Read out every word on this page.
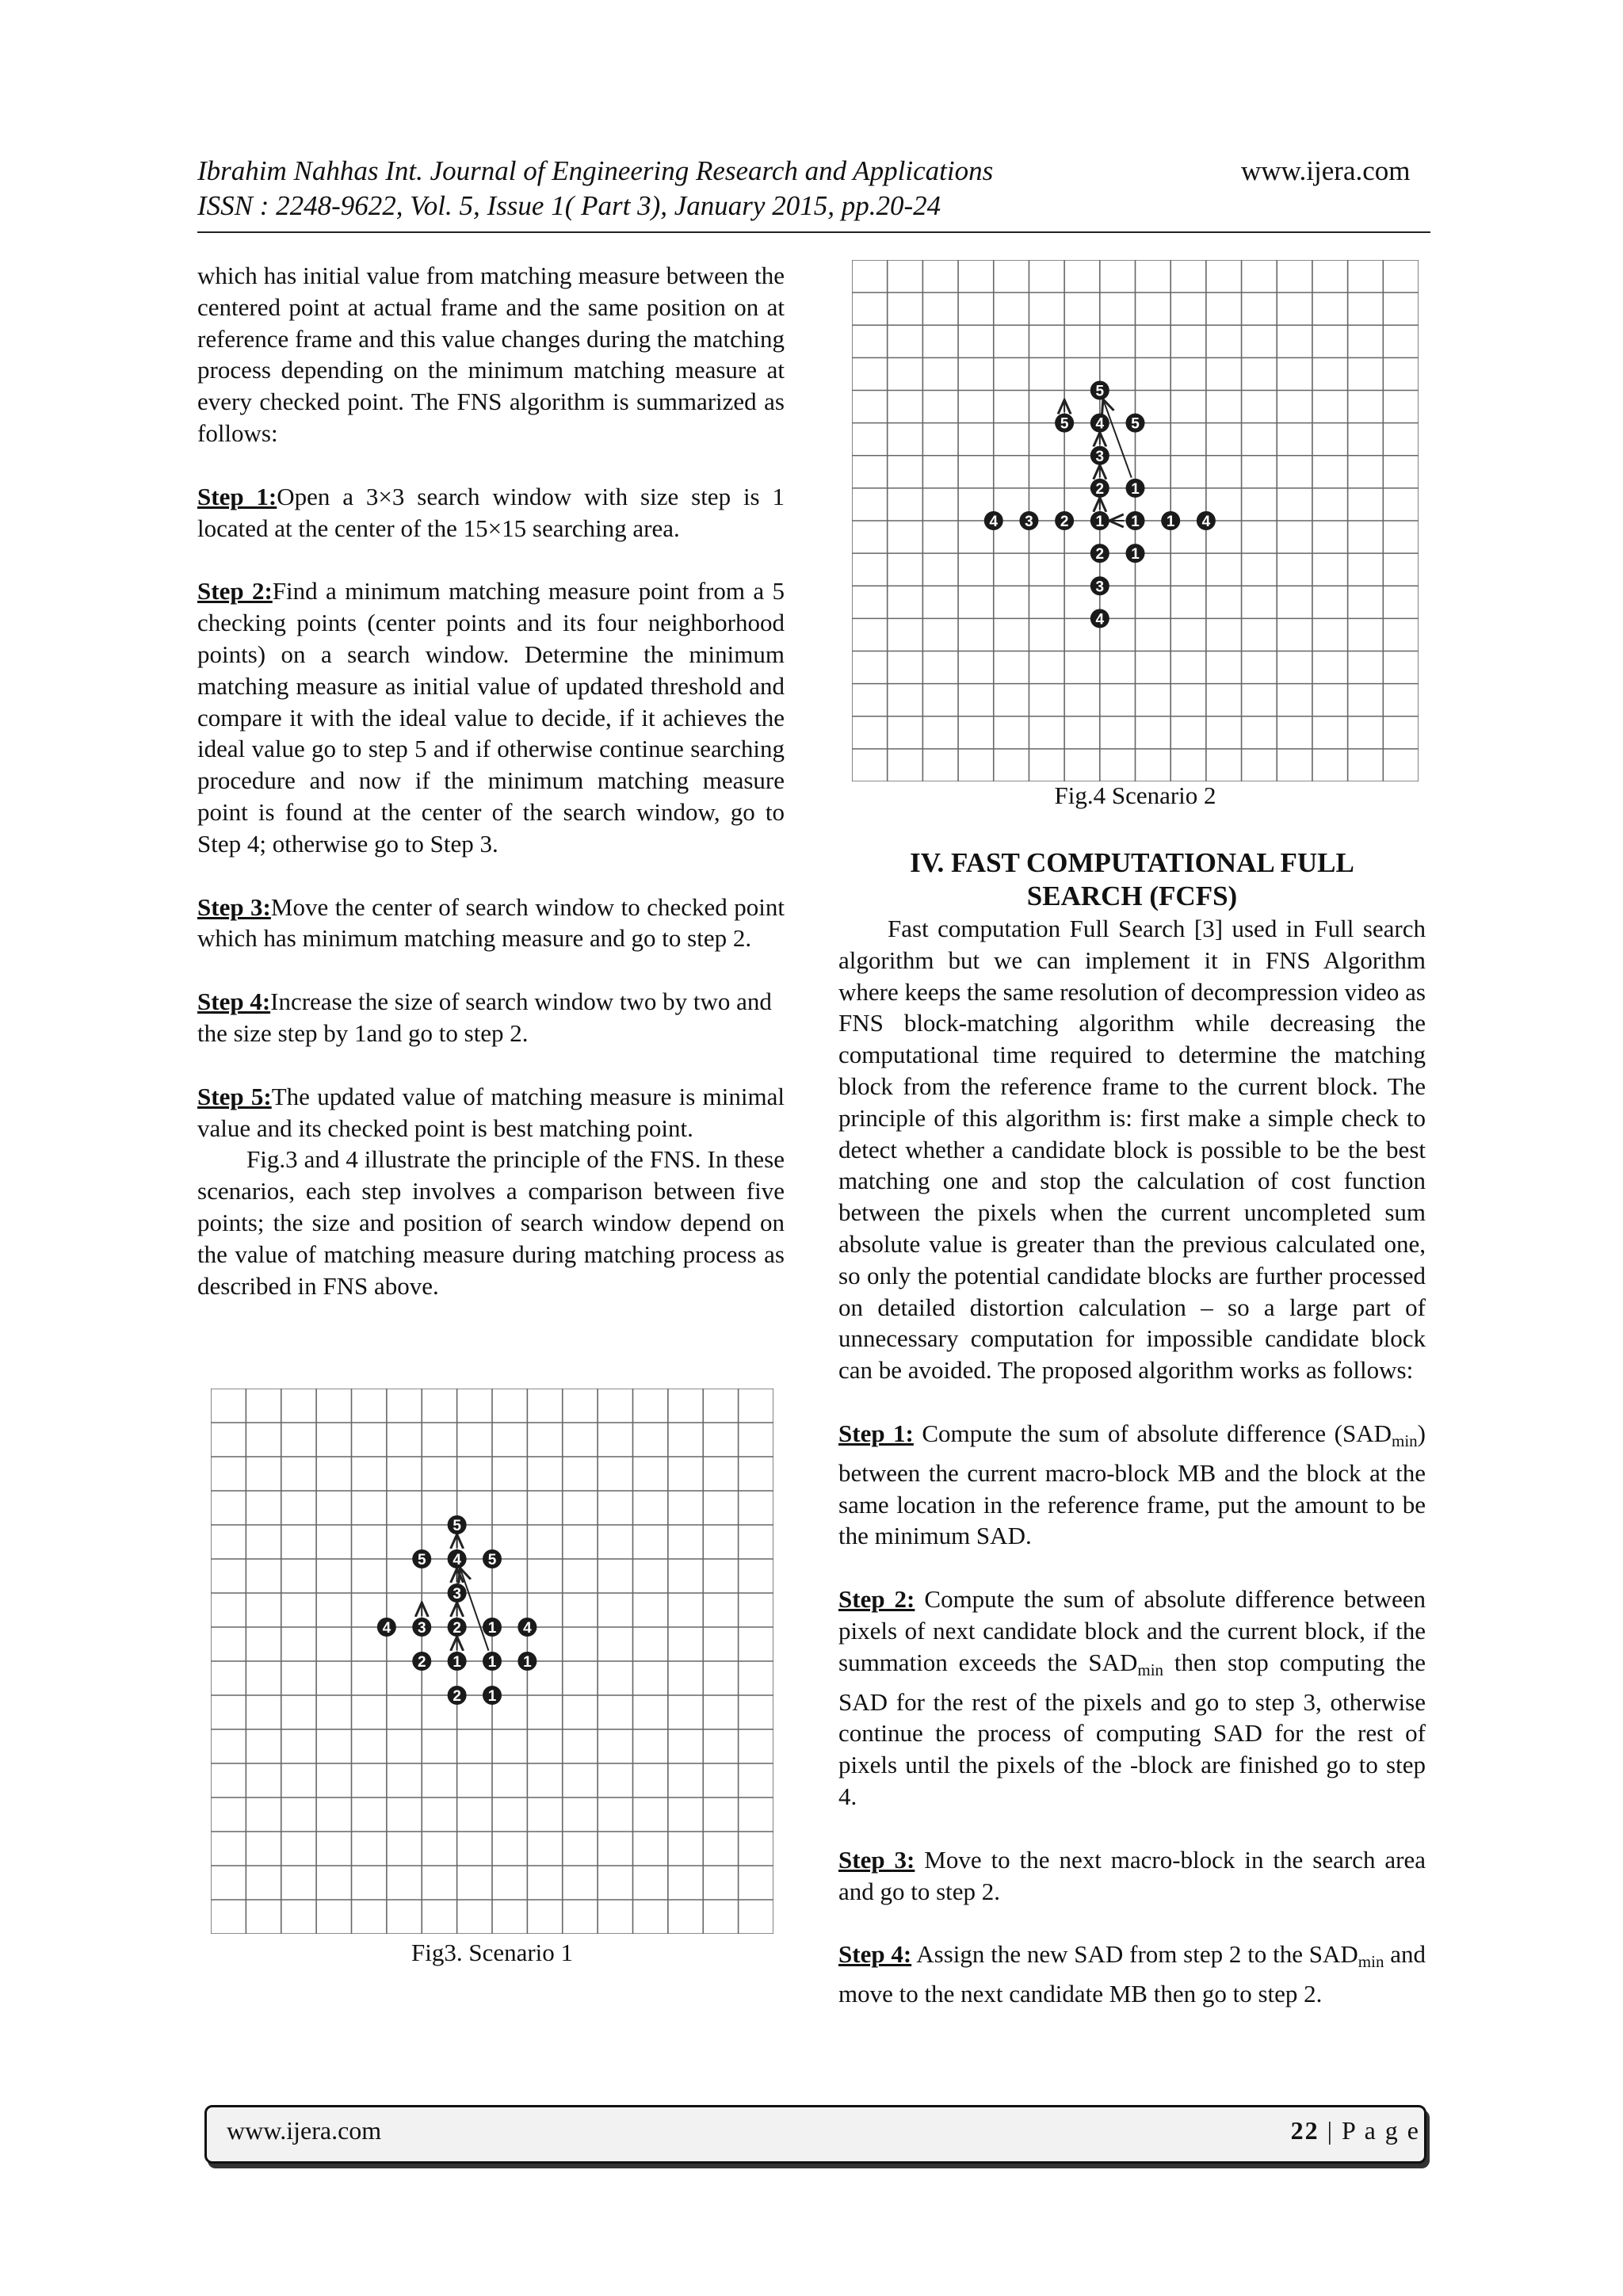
Ibrahim Nahhas Int. Journal of Engineering Research and Applications
ISSN : 2248-9622, Vol. 5, Issue 1( Part 3), January 2015, pp.20-24
www.ijera.com

which has initial value from matching measure between the centered point at actual frame and the same position on at reference frame and this value changes during the matching process depending on the minimum matching measure at every checked point. The FNS algorithm is summarized as follows:

Step 1:Open a 3×3 search window with size step is 1 located at the center of the 15×15 searching area.

Step 2:Find a minimum matching measure point from a 5 checking points (center points and its four neighborhood points) on a search window. Determine the minimum matching measure as initial value of updated threshold and compare it with the ideal value to decide, if it achieves the ideal value go to step 5 and if otherwise continue searching procedure and now if the minimum matching measure point is found at the center of the search window, go to Step 4; otherwise go to Step 3.

Step 3:Move the center of search window to checked point which has minimum matching measure and go to step 2.

Step 4:Increase the size of search window two by two and the size step by 1and go to step 2.

Step 5:The updated value of matching measure is minimal value and its checked point is best matching point.

Fig.3 and 4 illustrate the principle of the FNS. In these scenarios, each step involves a comparison between five points; the size and position of search window depend on the value of matching measure during matching process as described in FNS above.

5
5 4 5
3
4 3 2 1 4
2 1 1 1
2 1
Fig3. Scenario 1
5
5 4 5
3
2 1
4 3 2 1 1 1 4
2 1
3
4
Fig.4 Scenario 2
IV. FAST COMPUTATIONAL FULL
SEARCH (FCFS)

Fast computation Full Search [3] used in Full search algorithm but we can implement it in FNS Algorithm where keeps the same resolution of decompression video as FNS block-matching algorithm while decreasing the computational time required to determine the matching block from the reference frame to the current block. The principle of this algorithm is: first make a simple check to detect whether a candidate block is possible to be the best matching one and stop the calculation of cost function between the pixels when the current uncompleted sum absolute value is greater than the previous calculated one, so only the potential candidate blocks are further processed on detailed distortion calculation – so a large part of unnecessary computation for impossible candidate block can be avoided. The proposed algorithm works as follows:

Step 1: Compute the sum of absolute difference $(SAD_{min})$ between the current macro-block MB and the block at the same location in the reference frame, put the amount to be the minimum SAD.

Step 2: Compute the sum of absolute difference between pixels of next candidate block and the current block, if the summation exceeds the $SAD_{min}$ then stop computing the SAD for the rest of the pixels and go to step 3, otherwise continue the process of computing SAD for the rest of pixels until the pixels of the -block are finished go to step 4.

Step 3: Move to the next macro-block in the search area and go to step 2.

Step 4: Assign the new SAD from step 2 to the $SAD_{min}$ and move to the next candidate MB then go to step 2.

www.ijera.com	22 | P a g e
